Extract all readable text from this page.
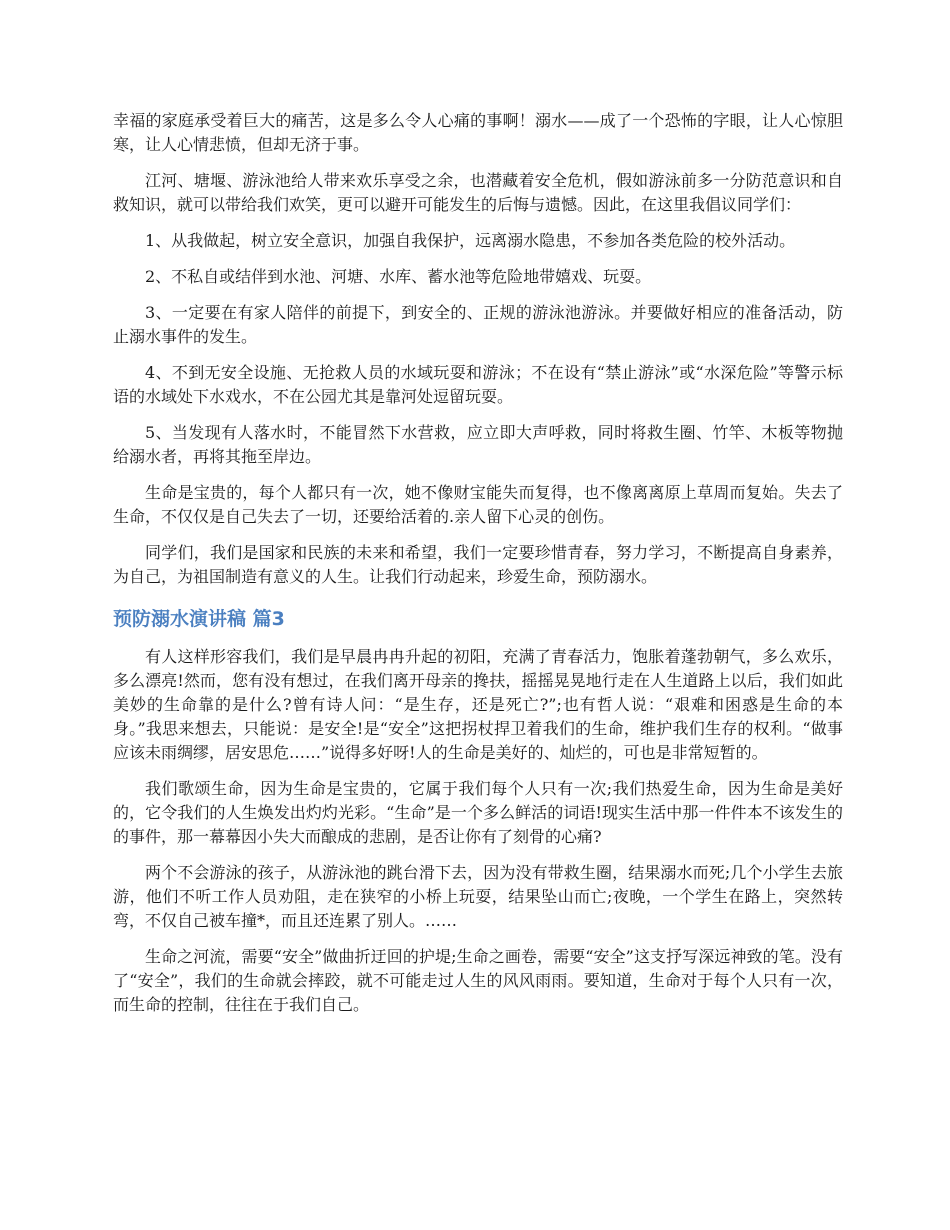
幸福的家庭承受着巨大的痛苦，这是多么令人心痛的事啊！溺水——成了一个恐怖的字眼，让人心惊胆寒，让人心情悲愤，但却无济于事。

江河、塘堰、游泳池给人带来欢乐享受之余，也潜藏着安全危机，假如游泳前多一分防范意识和自救知识，就可以带给我们欢笑，更可以避开可能发生的后悔与遗憾。因此，在这里我倡议同学们：

1、从我做起，树立安全意识，加强自我保护，远离溺水隐患，不参加各类危险的校外活动。

2、不私自或结伴到水池、河塘、水库、蓄水池等危险地带嬉戏、玩耍。

3、一定要在有家人陪伴的前提下，到安全的、正规的游泳池游泳。并要做好相应的准备活动，防止溺水事件的发生。

4、不到无安全设施、无抢救人员的水域玩耍和游泳；不在设有“禁止游泳”或“水深危险”等警示标语的水域处下水戏水，不在公园尤其是靠河处逗留玩耍。

5、当发现有人落水时，不能冒然下水营救，应立即大声呼救，同时将救生圈、竹竿、木板等物抛给溺水者，再将其拖至岸边。

生命是宝贵的，每个人都只有一次，她不像财宝能失而复得，也不像离离原上草周而复始。失去了生命，不仅仅是自己失去了一切，还要给活着的.亲人留下心灵的创伤。

同学们，我们是国家和民族的未来和希望，我们一定要珍惜青春，努力学习，不断提高自身素养，为自己，为祖国制造有意义的人生。让我们行动起来，珍爱生命，预防溺水。

预防溺水演讲稿 篇3

有人这样形容我们，我们是早晨冉冉升起的初阳，充满了青春活力，饱胀着蓬勃朝气，多么欢乐，多么漂亮!然而，您有没有想过，在我们离开母亲的搀扶，摇摇晃晃地行走在人生道路上以后，我们如此美妙的生命靠的是什么?曾有诗人问：“是生存，还是死亡?”;也有哲人说：“艰难和困惑是生命的本身。”我思来想去，只能说：是安全!是“安全”这把拐杖捍卫着我们的生命，维护我们生存的权利。“做事应该未雨绸缪，居安思危……”说得多好呀!人的生命是美好的、灿烂的，可也是非常短暂的。

我们歌颂生命，因为生命是宝贵的，它属于我们每个人只有一次;我们热爱生命，因为生命是美好的，它令我们的人生焕发出灼灼光彩。“生命”是一个多么鲜活的词语!现实生活中那一件件本不该发生的的事件，那一幕幕因小失大而酿成的悲剧，是否让你有了刻骨的心痛?

两个不会游泳的孩子，从游泳池的跳台滑下去，因为没有带救生圈，结果溺水而死;几个小学生去旅游，他们不听工作人员劝阻，走在狭窄的小桥上玩耍，结果坠山而亡;夜晚，一个学生在路上，突然转弯，不仅自己被车撞*，而且还连累了别人。……

生命之河流，需要“安全”做曲折迂回的护堤;生命之画卷，需要“安全”这支抒写深远神致的笔。没有了“安全”，我们的生命就会摔跤，就不可能走过人生的风风雨雨。要知道，生命对于每个人只有一次，而生命的控制，往往在于我们自己。
